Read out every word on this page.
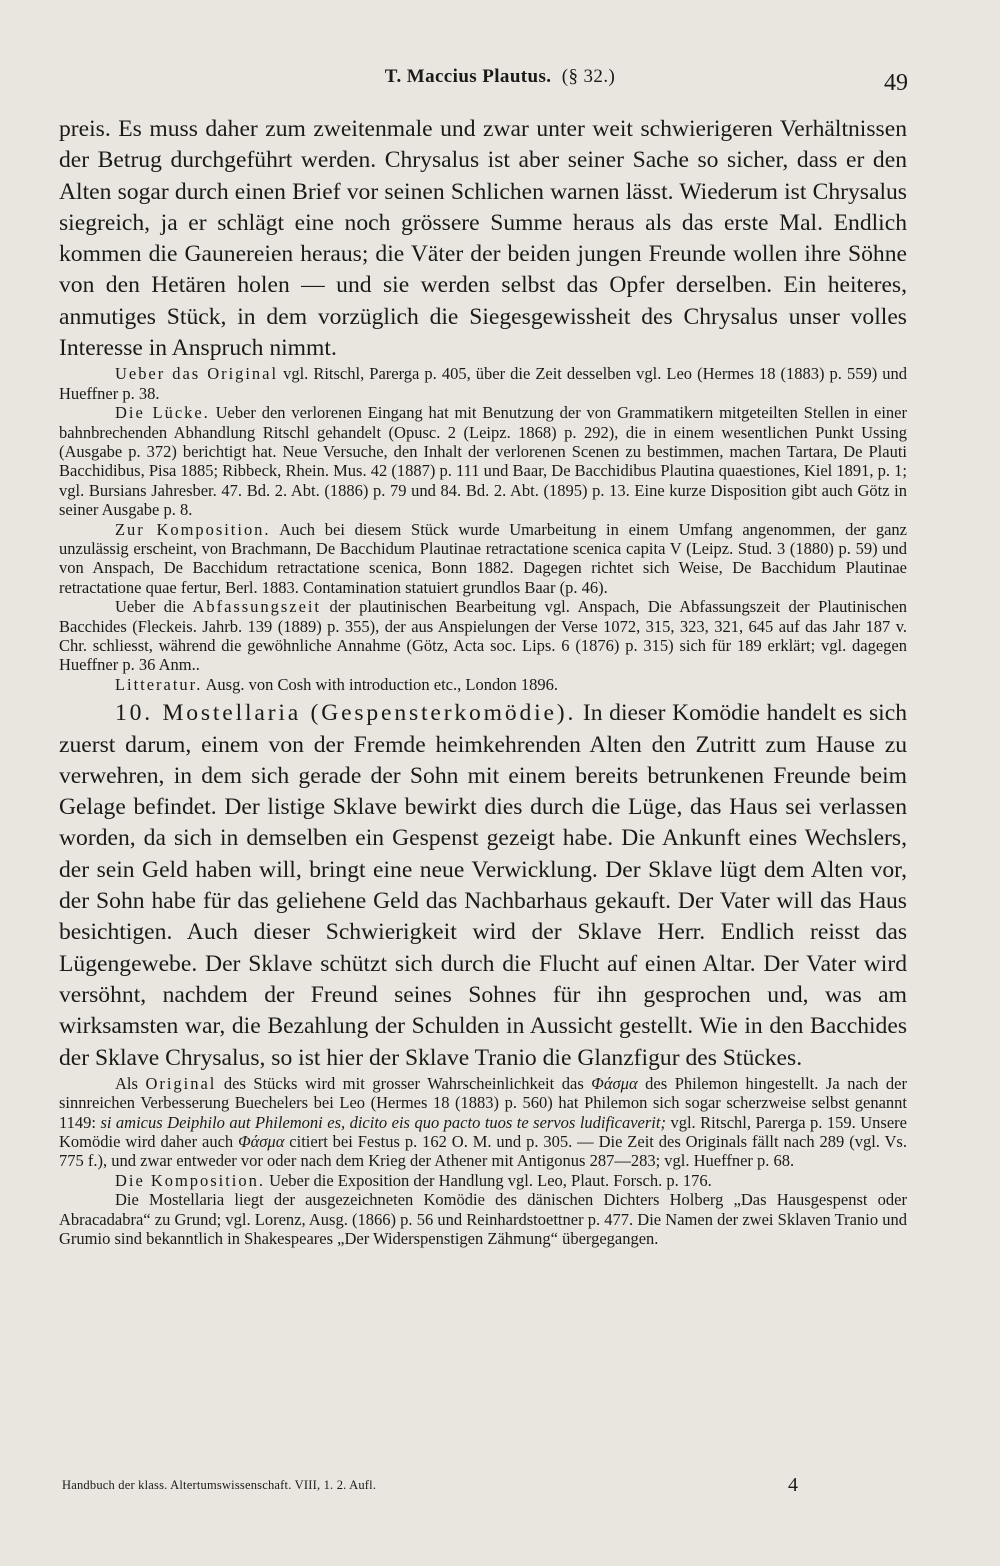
T. Maccius Plautus. (§ 32.)	49

preis. Es muss daher zum zweitenmale und zwar unter weit schwierigeren Verhältnissen der Betrug durchgeführt werden. Chrysalus ist aber seiner Sache so sicher, dass er den Alten sogar durch einen Brief vor seinen Schlichen warnen lässt. Wiederum ist Chrysalus siegreich, ja er schlägt eine noch grössere Summe heraus als das erste Mal. Endlich kommen die Gaunereien heraus; die Väter der beiden jungen Freunde wollen ihre Söhne von den Hetären holen — und sie werden selbst das Opfer derselben. Ein heiteres, anmutiges Stück, in dem vorzüglich die Siegesgewissheit des Chrysalus unser volles Interesse in Anspruch nimmt.

Ueber das Original vgl. Ritschl, Parerga p. 405, über die Zeit desselben vgl. Leo (Hermes 18 (1883) p. 559) und Hueffner p. 38.

Die Lücke. Ueber den verlorenen Eingang hat mit Benutzung der von Grammatikern mitgeteilten Stellen in einer bahnbrechenden Abhandlung Ritschl gehandelt (Opusc. 2 (Leipz. 1868) p. 292), die in einem wesentlichen Punkt Ussing (Ausgabe p. 372) berichtigt hat. Neue Versuche, den Inhalt der verlorenen Scenen zu bestimmen, machen Tartara, De Plauti Bacchidibus, Pisa 1885; Ribbeck, Rhein. Mus. 42 (1887) p. 111 und Baar, De Bacchidibus Plautina quaestiones, Kiel 1891, p. 1; vgl. Bursians Jahresber. 47. Bd. 2. Abt. (1886) p. 79 und 84. Bd. 2. Abt. (1895) p. 13. Eine kurze Disposition gibt auch Götz in seiner Ausgabe p. 8.

Zur Komposition. Auch bei diesem Stück wurde Umarbeitung in einem Umfang angenommen, der ganz unzulässig erscheint, von Brachmann, De Bacchidum Plautinae retractatione scenica capita V (Leipz. Stud. 3 (1880) p. 59) und von Anspach, De Bacchidum retractatione scenica, Bonn 1882. Dagegen richtet sich Weise, De Bacchidum Plautinae retractatione quae fertur, Berl. 1883. Contamination statuiert grundlos Baar (p. 46).

Ueber die Abfassungszeit der plautinischen Bearbeitung vgl. Anspach, Die Abfassungszeit der Plautinischen Bacchides (Fleckeis. Jahrb. 139 (1889) p. 355), der aus Anspielungen der Verse 1072, 315, 323, 321, 645 auf das Jahr 187 v. Chr. schliesst, während die gewöhnliche Annahme (Götz, Acta soc. Lips. 6 (1876) p. 315) sich für 189 erklärt; vgl. dagegen Hueffner p. 36 Anm..

Litteratur. Ausg. von Cosh with introduction etc., London 1896.

10. Mostellaria (Gespensterkomödie). In dieser Komödie handelt es sich zuerst darum, einem von der Fremde heimkehrenden Alten den Zutritt zum Hause zu verwehren, in dem sich gerade der Sohn mit einem bereits betrunkenen Freunde beim Gelage befindet. Der listige Sklave bewirkt dies durch die Lüge, das Haus sei verlassen worden, da sich in demselben ein Gespenst gezeigt habe. Die Ankunft eines Wechslers, der sein Geld haben will, bringt eine neue Verwicklung. Der Sklave lügt dem Alten vor, der Sohn habe für das geliehene Geld das Nachbarhaus gekauft. Der Vater will das Haus besichtigen. Auch dieser Schwierigkeit wird der Sklave Herr. Endlich reisst das Lügengewebe. Der Sklave schützt sich durch die Flucht auf einen Altar. Der Vater wird versöhnt, nachdem der Freund seines Sohnes für ihn gesprochen und, was am wirksamsten war, die Bezahlung der Schulden in Aussicht gestellt. Wie in den Bacchides der Sklave Chrysalus, so ist hier der Sklave Tranio die Glanzfigur des Stückes.

Als Original des Stücks wird mit grosser Wahrscheinlichkeit das Φάσμα des Philemon hingestellt. Ja nach der sinnreichen Verbesserung Buechelers bei Leo (Hermes 18 (1883) p. 560) hat Philemon sich sogar scherzweise selbst genannt 1149: si amicus Deiphilo aut Philemoni es, dicito eis quo pacto tuos te servos ludificaverit; vgl. Ritschl, Parerga p. 159. Unsere Komödie wird daher auch Φάσμα citiert bei Festus p. 162 O. M. und p. 305. — Die Zeit des Originals fällt nach 289 (vgl. Vs. 775 f.), und zwar entweder vor oder nach dem Krieg der Athener mit Antigonus 287—283; vgl. Hueffner p. 68.

Die Komposition. Ueber die Exposition der Handlung vgl. Leo, Plaut. Forsch. p. 176.

Die Mostellaria liegt der ausgezeichneten Komödie des dänischen Dichters Holberg „Das Hausgespenst oder Abracadabra“ zu Grund; vgl. Lorenz, Ausg. (1866) p. 56 und Reinhardstoettner p. 477. Die Namen der zwei Sklaven Tranio und Grumio sind bekanntlich in Shakespeares „Der Widerspenstigen Zähmung“ übergegangen.

Handbuch der klass. Altertumswissenschaft. VIII, 1. 2. Aufl.	4
